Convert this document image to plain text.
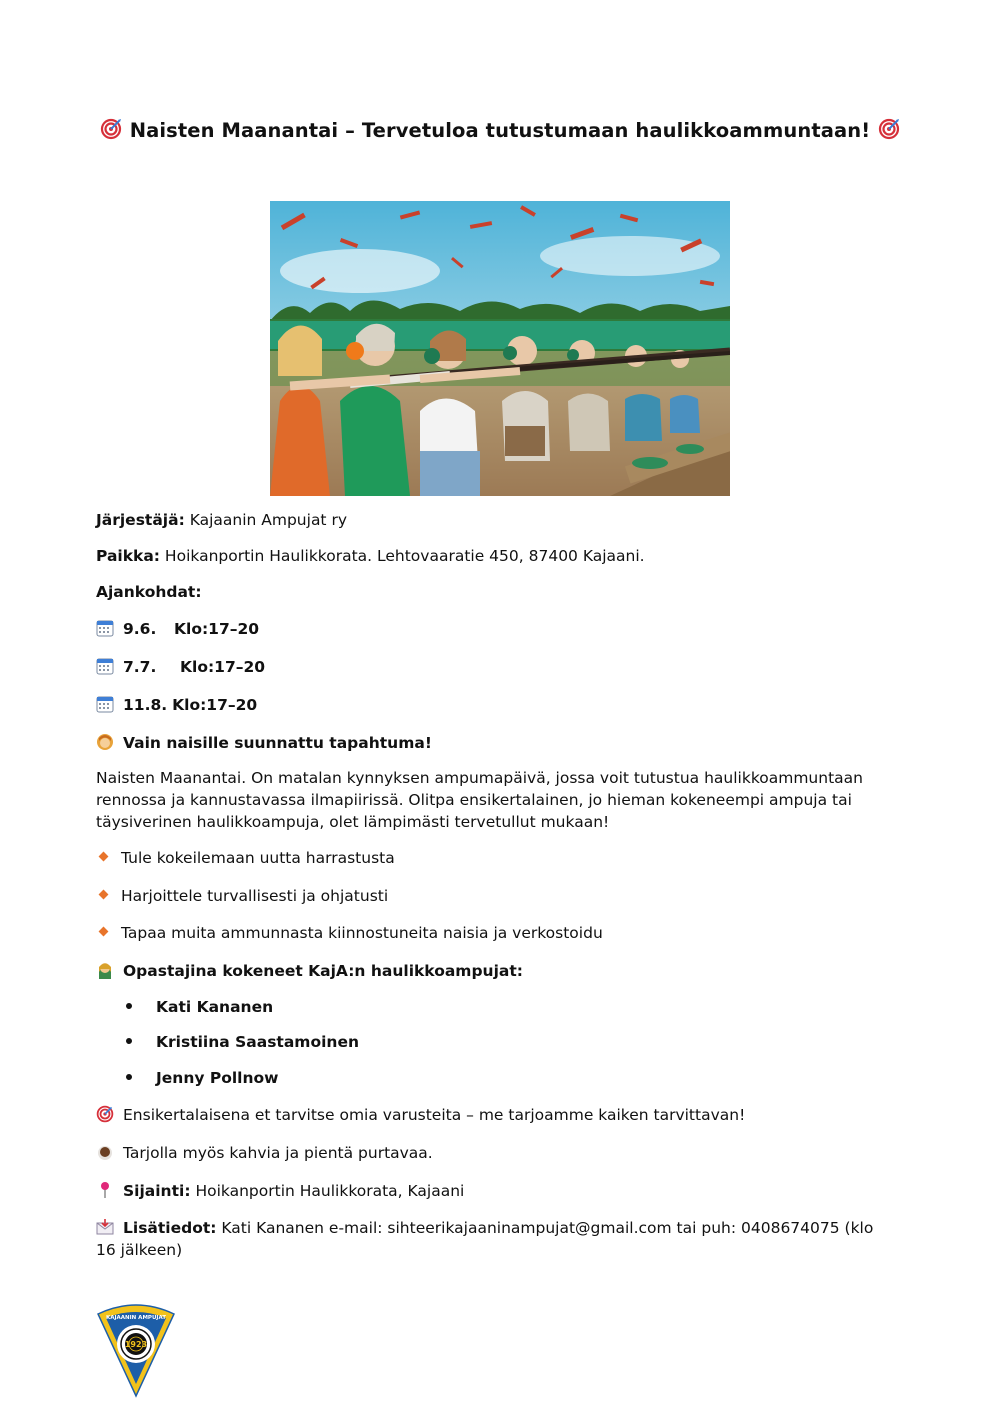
Naisten Maanantai – Tervetuloa tutustumaan haulikkoammuntaan!
Järjestäjä: Kajaanin Ampujat ry
Paikka: Hoikanportin Haulikkorata. Lehtovaaratie 450, 87400 Kajaani.
Ajankohdat:
9.6. Klo:17–20
7.7. Klo:17–20
11.8. Klo:17–20
Vain naisille suunnattu tapahtuma!
Naisten Maanantai. On matalan kynnyksen ampumapäivä, jossa voit tutustua haulikkoammuntaan rennossa ja kannustavassa ilmapiirissä. Olitpa ensikertalainen, jo hieman kokeneempi ampuja tai täysiverinen haulikkoampuja, olet lämpimästi tervetullut mukaan!
Tule kokeilemaan uutta harrastusta
Harjoittele turvallisesti ja ohjatusti
Tapaa muita ammunnasta kiinnostuneita naisia ja verkostoidu
Opastajina kokeneet KajA:n haulikkoampujat:
Kati Kananen
Kristiina Saastamoinen
Jenny Pollnow
Ensikertalaisena et tarvitse omia varusteita – me tarjoamme kaiken tarvittavan!
Tarjolla myös kahvia ja pientä purtavaa.
Sijainti: Hoikanportin Haulikkorata, Kajaani
Lisätiedot: Kati Kananen e-mail: sihteerikajaaninampujat@gmail.com tai puh: 0408674075 (klo 16 jälkeen)
1923
KAJAANIN AMPUJAT
